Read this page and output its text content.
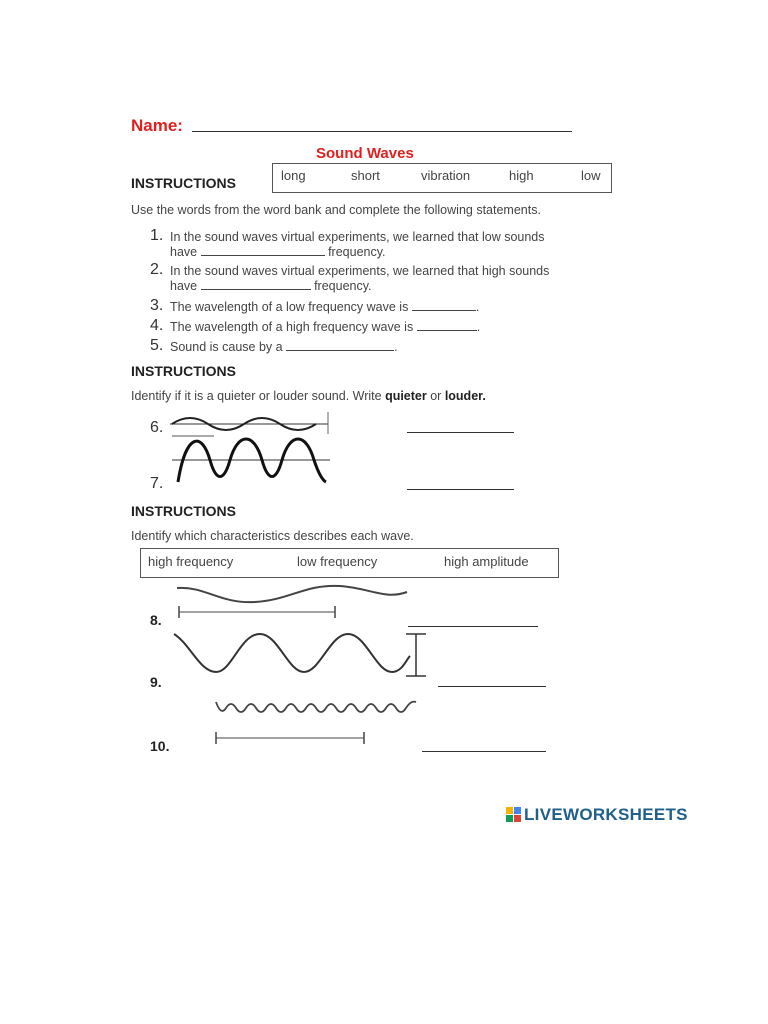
Name:
Sound Waves
INSTRUCTIONS	long	short	vibration	high	low
Use the words from the word bank and complete the following statements.
1. In the sound waves virtual experiments, we learned that low sounds
have	frequency.
2. In the sound waves virtual experiments, we learned that high sounds
have	frequency.
3. The wavelength of a low frequency wave is	.
4. The wavelength of a high frequency wave is	.
5. Sound is cause by a	.
INSTRUCTIONS
Identify if it is a quieter or louder sound. Write quieter or louder.
6.
7.
INSTRUCTIONS
Identify which characteristics describes each wave.
high frequency	low frequency	high amplitude
8.
9.
10.
LIVEWORKSHEETS
